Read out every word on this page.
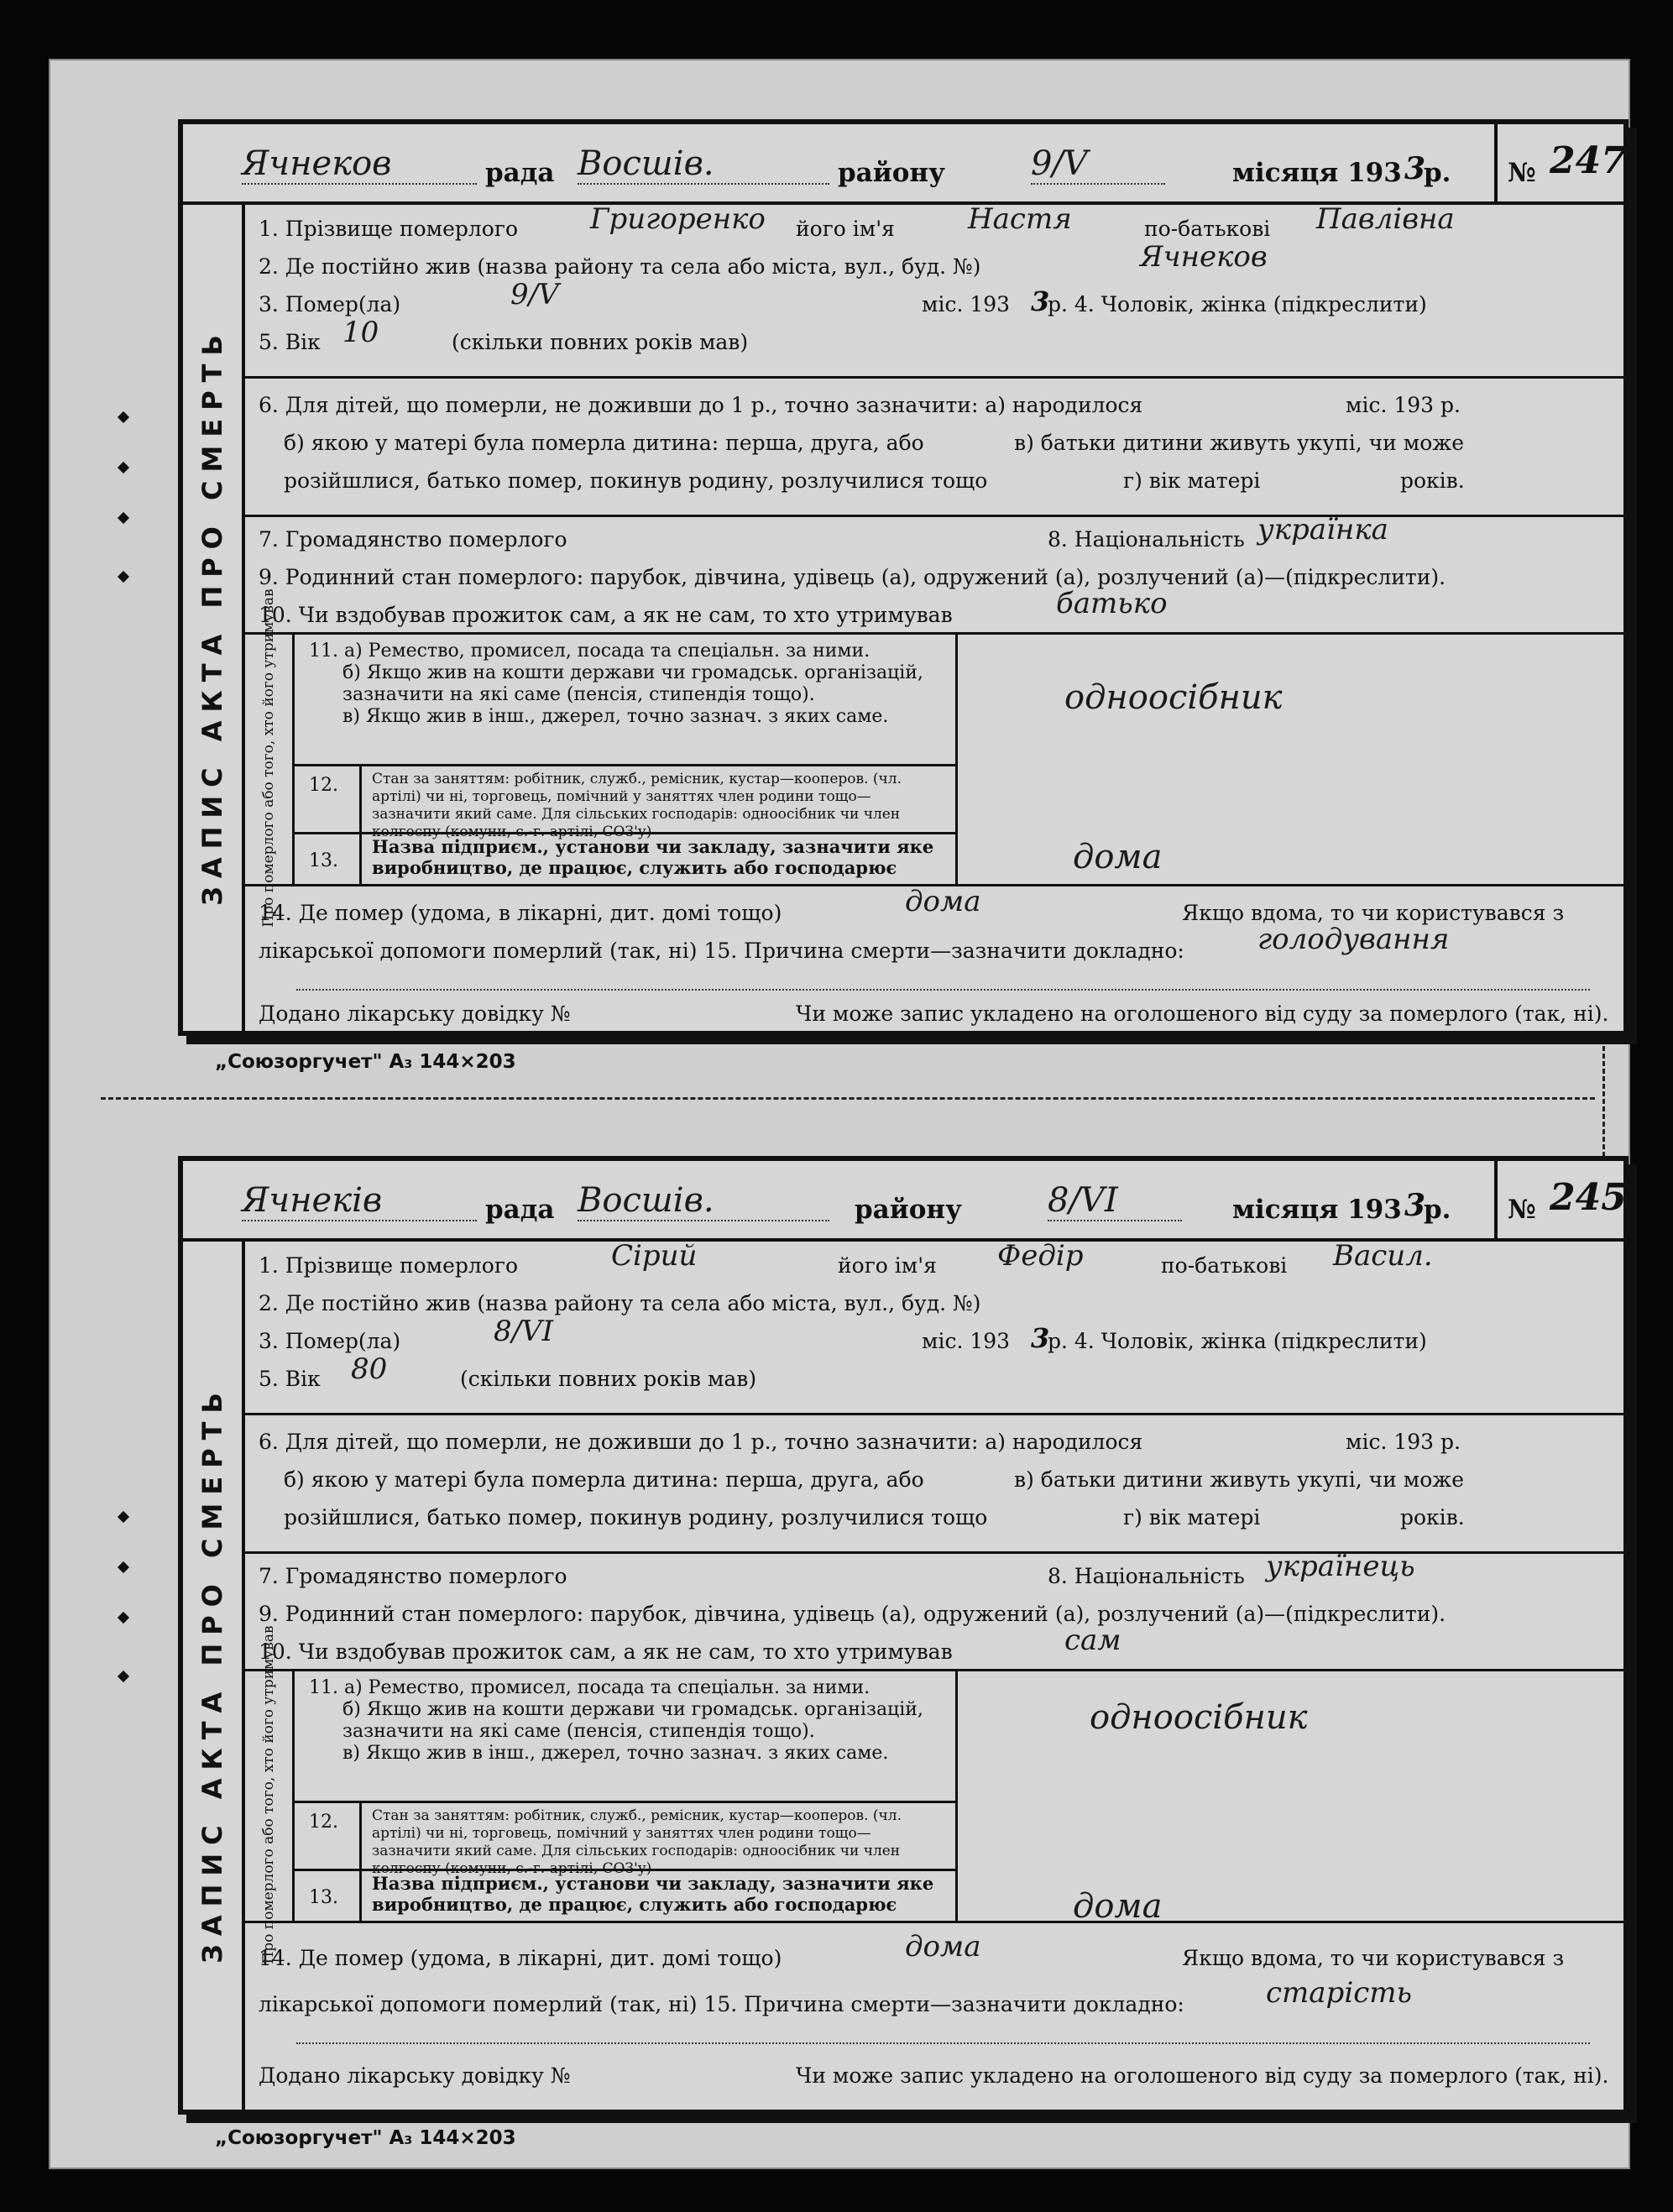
Ячнеков	рада Восшів.	району	9/V	місяця 193 3
р. № 247
ЗАПИС АКТА ПРО СМЕРТЬ
1. Прізвище померлого	Григоренко його ім'я	Настя	по-батькові Павлівна
2. Де постійно жив (назва району та села або міста, вул., буд. №)	Ячнеков
3. Помер(ла)	9/V	міс. 193 3
р. 4. Чоловік, жінка (підкреслити)
5. Вік 10	(скільки повних років мав)
6. Для дітей, що померли, не доживши до 1 р., точно зазначити: а) народилося	міс. 193 р.
б) якою у матері була померла дитина: перша, друга, або	в) батьки дитини живуть укупі, чи може
розійшлися, батько помер, покинув родину, розлучилися тощо	г) вік матері	років.
7. Громадянство померлого	8. Національність українка
9. Родинний стан померлого: парубок, дівчина, удівець (а), одружений (а), розлучений (а)—(підкреслити).
10. Чи вздобував прожиток сам, а як не сам, то хто утримував	батько
Про померлого або того, хто його утримував 11. а) Ремество, промисел, посада та спеціальн. за ними.
б) Якщо жив на кошти держави чи громадськ. організацій, зазначити на які саме (пенсія, стипендія тощо).
в) Якщо жив в інш., джерел, точно зазнач. з яких саме.	одноосібник
12. Стан за заняттям: робітник, служб., ремісник, кустар—кооперов. (чл. артілі) чи ні, торговець, помічний у заняттях член родини тощо—зазначити який саме. Для сільських господарів: одноосібник чи член колгоспу (комуни, с.-г. артілі, СОЗ'у)
13.
Назва підприєм., установи чи закладу, зазначити яке виробництво, де працює, служить або господарює	дома
14. Де помер (удома, в лікарні, дит. домі тощо)	дома	Якщо вдома, то чи користувався з
лікарської допомоги померлий (так, ні) 15. Причина смерти—зазначити докладно:	голодування
Додано лікарську довідку №	Чи може запис укладено на оголошеного від суду за померлого (так, ні).
„Союзоргучет" А₃ 144×203
Ячнеків	рада Восшів.	району	8/VI	місяця 193 3
р. № 245
ЗАПИС АКТА ПРО СМЕРТЬ
1. Прізвище померлого	Сірий	його ім'я Федір	по-батькові Васил.
2. Де постійно жив (назва району та села або міста, вул., буд. №)
3. Помер(ла)	8/VI	міс. 193 3
р. 4. Чоловік, жінка (підкреслити)
5. Вік 80	(скільки повних років мав)
6. Для дітей, що померли, не доживши до 1 р., точно зазначити: а) народилося	міс. 193 р.
б) якою у матері була померла дитина: перша, друга, або	в) батьки дитини живуть укупі, чи може
розійшлися, батько помер, покинув родину, розлучилися тощо	г) вік матері	років.
7. Громадянство померлого	8. Національність українець
9. Родинний стан померлого: парубок, дівчина, удівець (а), одружений (а), розлучений (а)—(підкреслити).
10. Чи вздобував прожиток сам, а як не сам, то хто утримував	сам
Про померлого або того, хто його утримував 11. а) Ремество, промисел, посада та спеціальн. за ними.
б) Якщо жив на кошти держави чи громадськ. організацій, зазначити на які саме (пенсія, стипендія тощо).
в) Якщо жив в інш., джерел, точно зазнач. з яких саме.
одноосібник
12. Стан за заняттям: робітник, служб., ремісник, кустар—кооперов. (чл. артілі) чи ні, торговець, помічний у заняттях член родини тощо—зазначити який саме. Для сільських господарів: одноосібник чи член колгоспу (комуни, с.-г. артілі, СОЗ'у)
13.
Назва підприєм., установи чи закладу, зазначити яке виробництво, де працює, служить або господарює	дома
14. Де помер (удома, в лікарні, дит. домі тощо)	дома	Якщо вдома, то чи користувався з
лікарської допомоги померлий (так, ні) 15. Причина смерти—зазначити докладно:	старість
Додано лікарську довідку №	Чи може запис укладено на оголошеного від суду за померлого (так, ні).
„Союзоргучет" А₃ 144×203
